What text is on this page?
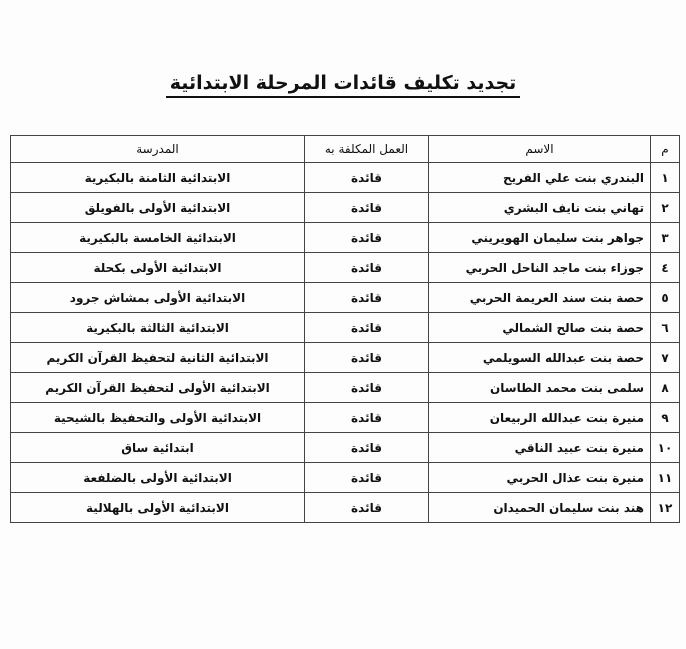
تجديد تكليف قائدات المرحلة الابتدائية
م	الاسم	العمل المكلفة به	المدرسة
١	البندري بنت علي الفريح	قائدة	الابتدائية الثامنة بالبكيرية
٢	تهاني بنت نايف البشري	قائدة	الابتدائية الأولى بالفويلق
٣	جواهر بنت سليمان الهويريني	قائدة	الابتدائية الخامسة بالبكيرية
٤	جوزاء بنت ماجد الناحل الحربي	قائدة	الابتدائية الأولى بكحلة
٥	حصة بنت سند العريمة الحربي	قائدة	الابتدائية الأولى بمشاش جرود
٦	حصة بنت صالح الشمالي	قائدة	الابتدائية الثالثة بالبكيرية
٧	حصة بنت عبدالله السويلمي	قائدة	الابتدائية الثانية لتحفيظ القرآن الكريم
٨	سلمى بنت محمد الطاسان	قائدة	الابتدائية الأولى لتحفيظ القرآن الكريم
٩	منيرة بنت عبدالله الربيعان	قائدة	الابتدائية الأولى والتحفيظ بالشيحية
١٠	منيرة بنت عبيد الناقي	قائدة	ابتدائية ساق
١١	منيرة بنت عذال الحربي	قائدة	الابتدائية الأولى بالضلفعة
١٢	هند بنت سليمان الحميدان	قائدة	الابتدائية الأولى بالهلالية
